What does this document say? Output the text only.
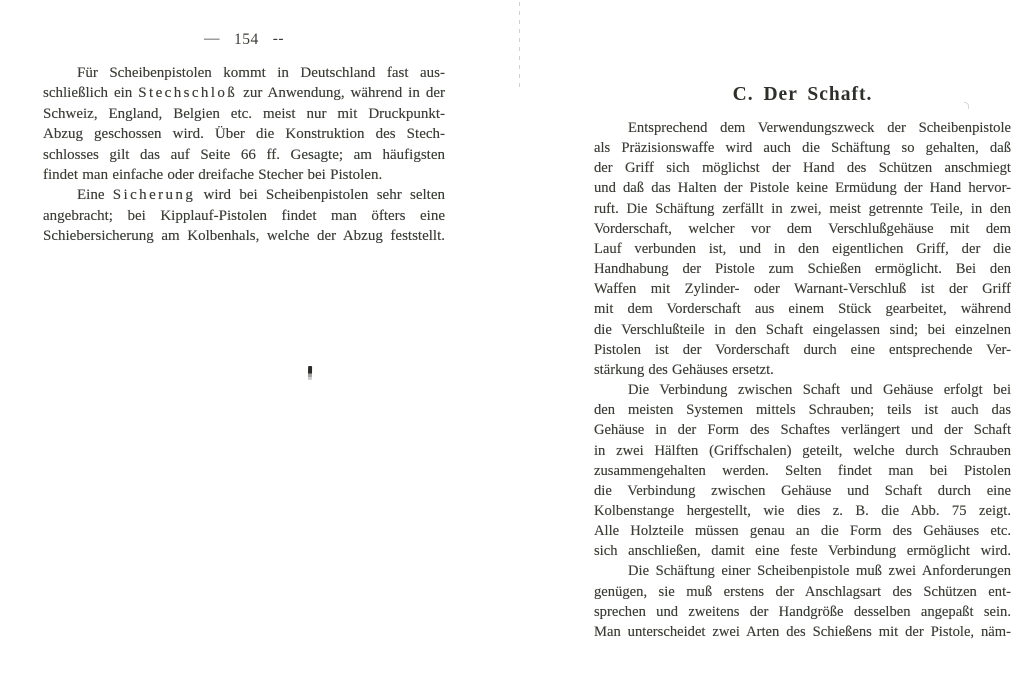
— 154 --
Für Scheibenpistolen kommt in Deutschland fast aus-
schließlich ein Stechschloß zur Anwendung, während in der
Schweiz, England, Belgien etc. meist nur mit Druckpunkt-
Abzug geschossen wird. Über die Konstruktion des Stech-
schlosses gilt das auf Seite 66 ff. Gesagte; am häufigsten
findet man einfache oder dreifache Stecher bei Pistolen.
Eine Sicherung wird bei Scheibenpistolen sehr selten
angebracht; bei Kipplauf-Pistolen findet man öfters eine
Schiebersicherung am Kolbenhals, welche der Abzug feststellt.
C. Der Schaft.
Entsprechend dem Verwendungszweck der Scheibenpistole
als Präzisionswaffe wird auch die Schäftung so gehalten, daß
der Griff sich möglichst der Hand des Schützen anschmiegt
und daß das Halten der Pistole keine Ermüdung der Hand hervor-
ruft. Die Schäftung zerfällt in zwei, meist getrennte Teile, in den
Vorderschaft, welcher vor dem Verschlußgehäuse mit dem
Lauf verbunden ist, und in den eigentlichen Griff, der die
Handhabung der Pistole zum Schießen ermöglicht. Bei den
Waffen mit Zylinder- oder Warnant-Verschluß ist der Griff
mit dem Vorderschaft aus einem Stück gearbeitet, während
die Verschlußteile in den Schaft eingelassen sind; bei einzelnen
Pistolen ist der Vorderschaft durch eine entsprechende Ver-
stärkung des Gehäuses ersetzt.
Die Verbindung zwischen Schaft und Gehäuse erfolgt bei
den meisten Systemen mittels Schrauben; teils ist auch das
Gehäuse in der Form des Schaftes verlängert und der Schaft
in zwei Hälften (Griffschalen) geteilt, welche durch Schrauben
zusammengehalten werden. Selten findet man bei Pistolen
die Verbindung zwischen Gehäuse und Schaft durch eine
Kolbenstange hergestellt, wie dies z. B. die Abb. 75 zeigt.
Alle Holzteile müssen genau an die Form des Gehäuses etc.
sich anschließen, damit eine feste Verbindung ermöglicht wird.
Die Schäftung einer Scheibenpistole muß zwei Anforderungen
genügen, sie muß erstens der Anschlagsart des Schützen ent-
sprechen und zweitens der Handgröße desselben angepaßt sein.
Man unterscheidet zwei Arten des Schießens mit der Pistole, näm-
